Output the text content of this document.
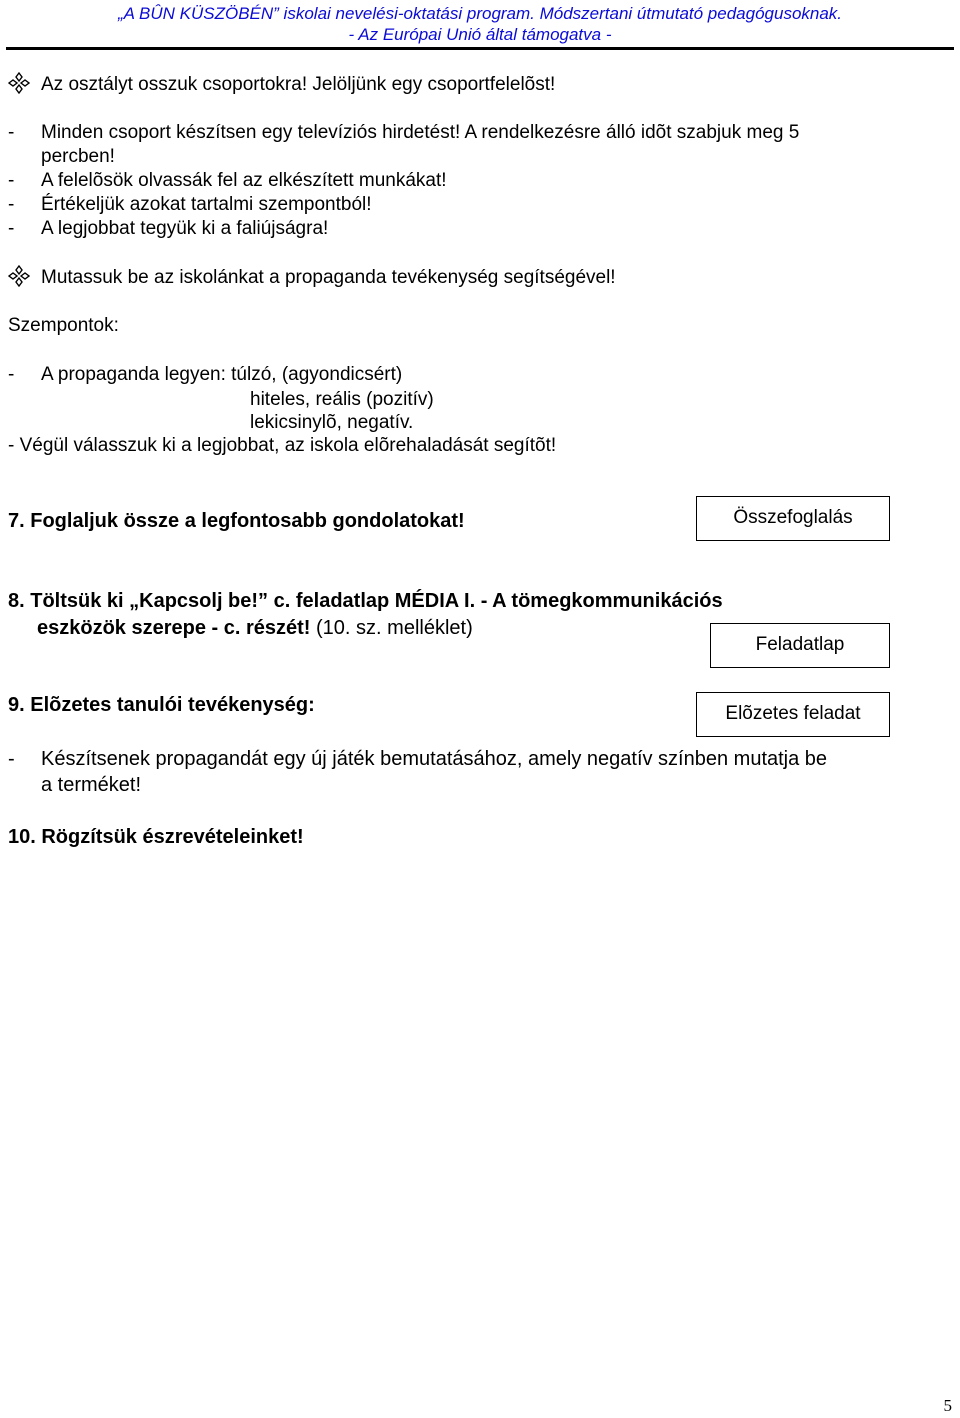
„A BÛN KÜSZÖBÉN” iskolai nevelési-oktatási program. Módszertani útmutató pedagógusoknak.
- Az Európai Unió által támogatva -
Az osztályt osszuk csoportokra! Jelöljünk egy csoportfelelõst!
- Minden csoport készítsen egy televíziós hirdetést! A rendelkezésre álló idõt szabjuk meg 5
percben!
- A felelõsök olvassák fel az elkészített munkákat!
- Értékeljük azokat tartalmi szempontból!
- A legjobbat tegyük ki a faliújságra!
Mutassuk be az iskolánkat a propaganda tevékenység segítségével!
Szempontok:
- A propaganda legyen: túlzó, (agyondicsért)
hiteles, reális (pozitív)
lekicsinylõ, negatív.
- Végül válasszuk ki a legjobbat, az iskola elõrehaladását segítõt!
7. Foglaljuk össze a legfontosabb gondolatokat!	Összefoglalás
8. Töltsük ki „Kapcsolj be!” c. feladatlap MÉDIA I. - A tömegkommunikációs
eszközök szerepe - c. részét! (10. sz. melléklet)
Feladatlap
9. Elõzetes tanulói tevékenység:	Elõzetes feladat
- Készítsenek propagandát egy új játék bemutatásához, amely negatív színben mutatja be
a terméket!
10. Rögzítsük észrevételeinket!
5
